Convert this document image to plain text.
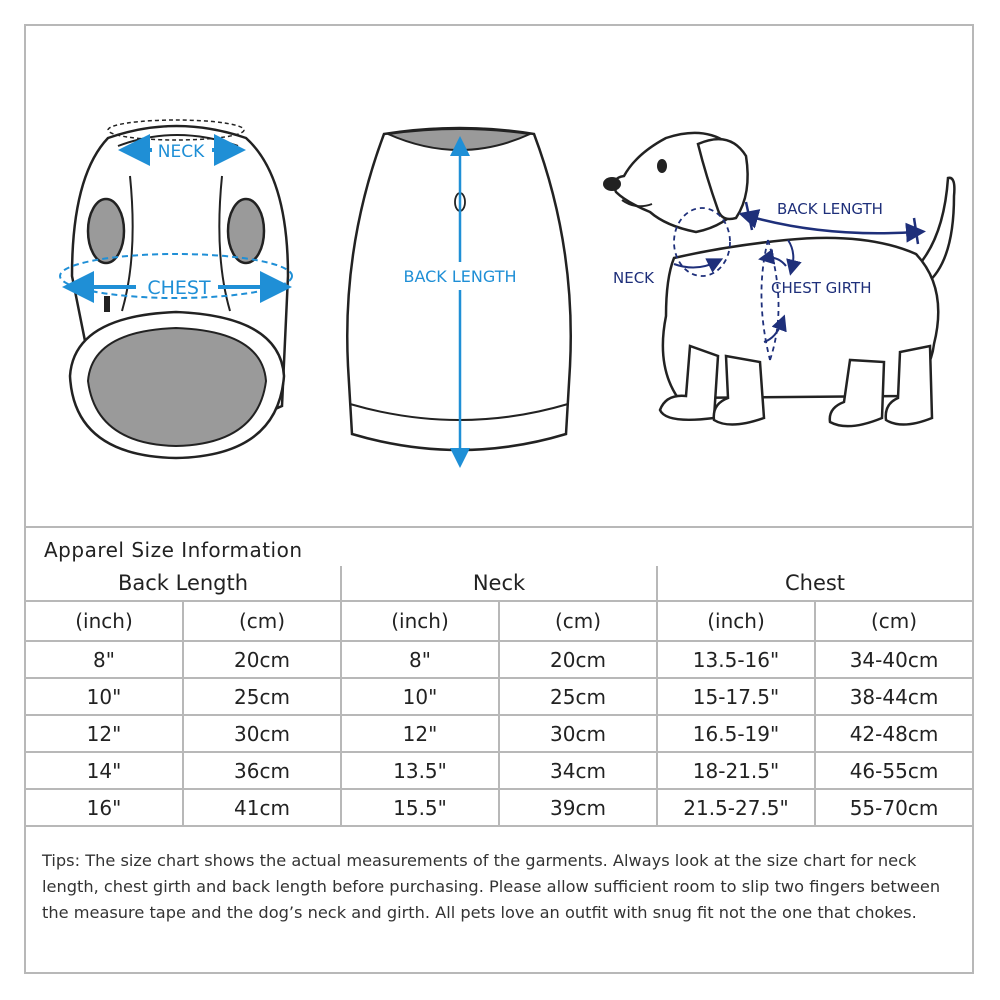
NECK
CHEST
BACK LENGTH
BACK LENGTH
NECK
CHEST GIRTH
Apparel Size Information
Back Length		Neck		Chest	
(inch)	(cm)	(inch)	(cm)	(inch)	(cm)
8"	20cm	8"	20cm	13.5-16"	34-40cm
10"	25cm	10"	25cm	15-17.5"	38-44cm
12"	30cm	12"	30cm	16.5-19"	42-48cm
14"	36cm	13.5"	34cm	18-21.5"	46-55cm
16"	41cm	15.5"	39cm	21.5-27.5"	55-70cm
Tips: The size chart shows the actual measurements of the garments. Always look at the size chart for neck length, chest girth and back length before purchasing. Please allow sufficient room to slip two fingers between the measure tape and the dog’s neck and girth. All pets love an outfit with snug fit not the one that chokes.
